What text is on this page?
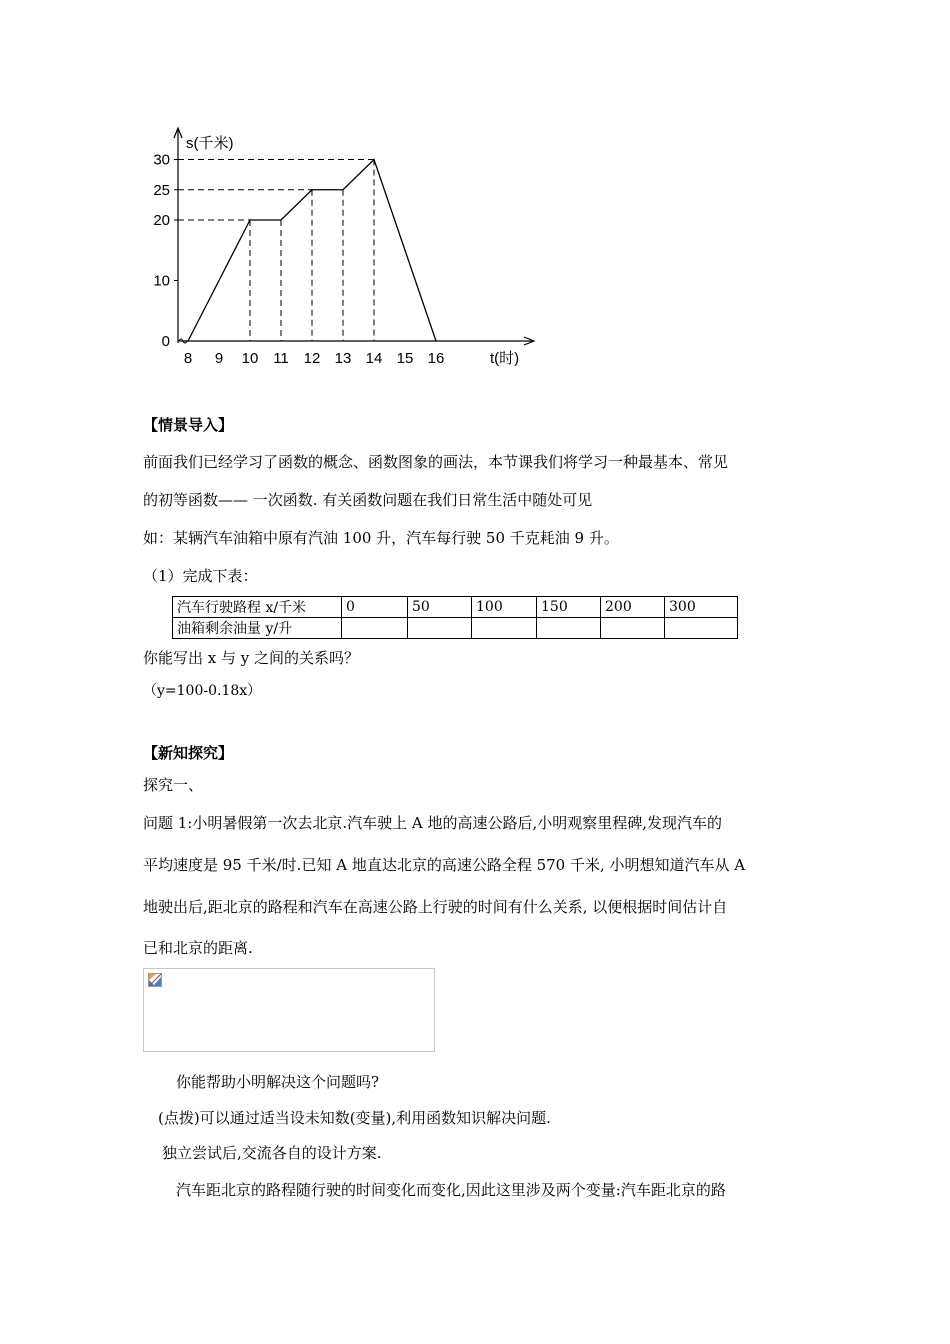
s(千米)
t(时)
0
10
20
25
30
8 9 10 11 12 13 14 15 16
【情景导入】
前面我们已经学习了函数的概念、函数图象的画法，本节课我们将学习一种最基本、常见
的初等函数—— 一次函数. 有关函数问题在我们日常生活中随处可见
如：某辆汽车油箱中原有汽油 100 升，汽车每行驶 50 千克耗油 9 升。
（1）完成下表：
汽车行驶路程 x/千米	0	50	100	150	200	300
油箱剩余油量 y/升						
你能写出 x 与 y 之间的关系吗？
（y=100-0.18x）
【新知探究】
探究一、
问题 1:小明暑假第一次去北京.汽车驶上 A 地的高速公路后,小明观察里程碑,发现汽车的
平均速度是 95 千米/时.已知 A 地直达北京的高速公路全程 570 千米, 小明想知道汽车从 A
地驶出后,距北京的路程和汽车在高速公路上行驶的时间有什么关系, 以便根据时间估计自
已和北京的距离.
你能帮助小明解决这个问题吗?
(点拨)可以通过适当设未知数(变量),利用函数知识解决问题.
独立尝试后,交流各自的设计方案.
汽车距北京的路程随行驶的时间变化而变化,因此这里涉及两个变量:汽车距北京的路
